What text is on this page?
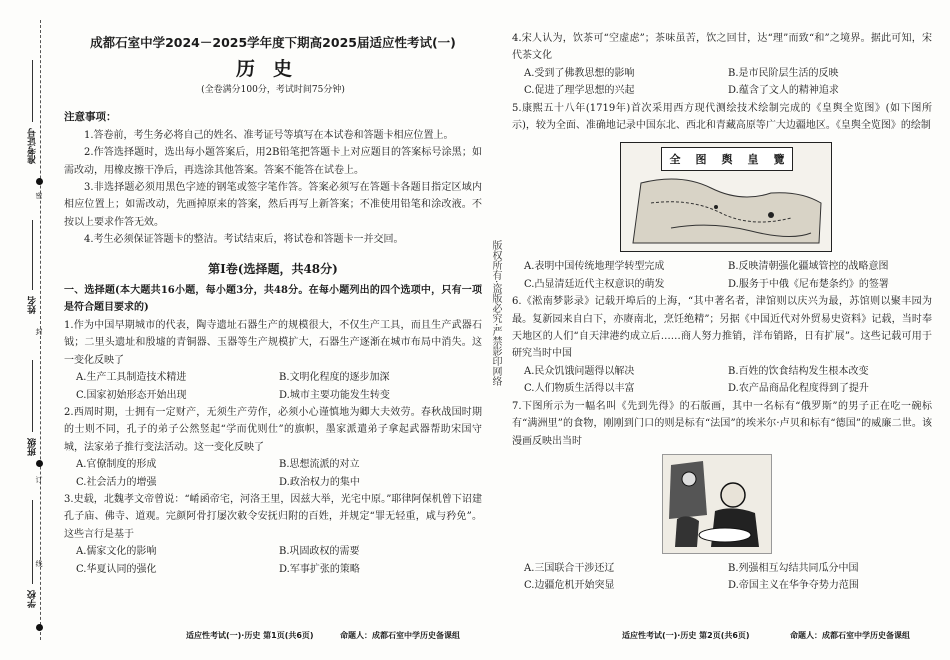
准考证号
密
姓名
封
班级
订
学校
线
成都石室中学2024－2025学年度下期高2025届适应性考试(一)
历史
(全卷满分100分，考试时间75分钟)
注意事项：
1.答卷前，考生务必将自己的姓名、准考证号等填写在本试卷和答题卡相应位置上。
2.作答选择题时，选出每小题答案后，用2B铅笔把答题卡上对应题目的答案标号涂黑；如需改动，用橡皮擦干净后，再选涂其他答案。答案不能答在试卷上。
3.非选择题必须用黑色字迹的钢笔或签字笔作答。答案必须写在答题卡各题目指定区域内相应位置上；如需改动，先画掉原来的答案，然后再写上新答案；不准使用铅笔和涂改液。不按以上要求作答无效。
4.考生必须保证答题卡的整洁。考试结束后，将试卷和答题卡一并交回。
第Ⅰ卷(选择题，共48分)
一、选择题(本大题共16小题，每小题3分，共48分。在每小题列出的四个选项中，只有一项是符合题目要求的)
1.作为中国早期城市的代表，陶寺遗址石器生产的规模很大，不仅生产工具，而且生产武器石钺；二里头遗址和殷墟的青铜器、玉器等生产规模扩大，石器生产逐渐在城市布局中消失。这一变化反映了
A.生产工具制造技术精进	B.文明化程度的逐步加深
C.国家初始形态开始出现	D.城市主要功能发生转变
2.西周时期，士拥有一定财产，无须生产劳作，必须小心谨慎地为卿大夫效劳。春秋战国时期的士则不同，孔子的弟子公然竖起“学而优则仕”的旗帜，墨家派遣弟子拿起武器帮助宋国守城，法家弟子推行变法活动。这一变化反映了
A.官僚制度的形成	B.思想流派的对立
C.社会活力的增强	D.政治权力的集中
3.史载，北魏孝文帝曾说：“崤函帝宅，河洛王里，因兹大举，光宅中原。”耶律阿保机曾下诏建孔子庙、佛寺、道观。完颜阿骨打屡次敕令安抚归附的百姓，并规定“罪无轻重，咸与矜免”。这些言行是基于
A.儒家文化的影响	B.巩固政权的需要
C.华夏认同的强化	D.军事扩张的策略
版权所有·盗版必究·严禁影印网络
4.宋人认为，饮茶可“空虚虑”；茶味虽苦，饮之回甘，达“理”而致“和”之境界。据此可知，宋代茶文化
A.受到了佛教思想的影响	B.是市民阶层生活的反映
C.促进了理学思想的兴起	D.蕴含了文人的精神追求
5.康熙五十八年(1719年)首次采用西方现代测绘技术绘制完成的《皇舆全览图》(如下图所示)，较为全面、准确地记录中国东北、西北和青藏高原等广大边疆地区。《皇舆全览图》的绘制
全 图 舆 皇 覽
A.表明中国传统地理学转型完成	B.反映清朝强化疆域管控的战略意图
C.凸显清廷近代主权意识的萌发	D.服务于中俄《尼布楚条约》的签署
6.《淞南梦影录》记载开埠后的上海，“其中著名者，津馆则以庆兴为最，苏馆则以聚丰园为最。复新园来自白下，亦赓南北，烹饪绝精”；另据《中国近代对外贸易史资料》记载，当时奉天地区的人们“自天津港约成立后……商人努力推销，洋布销路，日有扩展”。这些记载可用于研究当时中国
A.民众饥饿问题得以解决	B.百姓的饮食结构发生根本改变
C.人们物质生活得以丰富	D.农产品商品化程度得到了提升
7.下图所示为一幅名叫《先到先得》的石版画，其中一名标有“俄罗斯”的男子正在吃一碗标有“满洲里”的食物，刚刚到门口的则是标有“法国”的埃米尔·卢贝和标有“德国”的威廉二世。该漫画反映出当时
A.三国联合干涉还辽	B.列强相互勾结共同瓜分中国
C.边疆危机开始突显	D.帝国主义在华争夺势力范围
适应性考试(一)·历史 第1页(共6页)	命题人：成都石室中学历史备课组	适应性考试(一)·历史 第2页(共6页)	命题人：成都石室中学历史备课组
